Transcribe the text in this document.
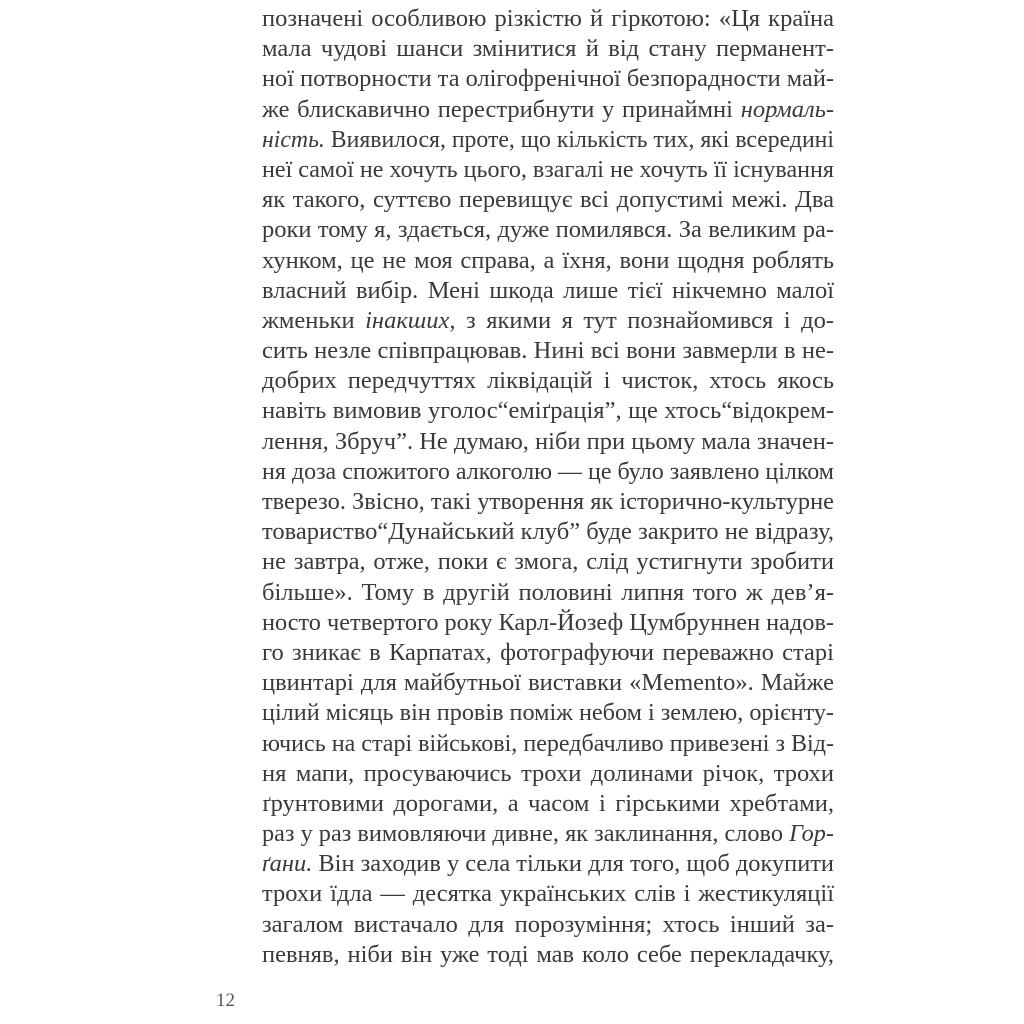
позначені особливою різкістю й гіркотою: «Ця країна
мала чудові шанси змінитися й від стану перманент-
ної потворности та олігофренічної безпорадности май-
же блискавично перестрибнути у принаймні нормаль-
ність. Виявилося, проте, що кількість тих, які всередині
неї самої не хочуть цього, взагалі не хочуть її існування
як такого, суттєво перевищує всі допустимі межі. Два
роки тому я, здається, дуже помилявся. За великим ра-
хунком, це не моя справа, а їхня, вони щодня роблять
власний вибір. Мені шкода лише тієї нікчемно малої
жменьки інакших, з якими я тут познайомився і до-
сить незле співпрацював. Нині всі вони завмерли в не-
добрих передчуттях ліквідацій і чисток, хтось якось
навіть вимовив уголос“еміґрація”, ще хтось“відокрем-
лення, Збруч”. Не думаю, ніби при цьому мала значен-
ня доза спожитого алкоголю — це було заявлено цілком
тверезо. Звісно, такі утворення як історично-культурне
товариство“Дунайський клуб” буде закрито не відразу,
не завтра, отже, поки є змога, слід устигнути зробити
більше». Тому в другій половині липня того ж дев’я-
носто четвертого року Карл-Йозеф Цумбруннен надов-
го зникає в Карпатах, фотографуючи переважно старі
цвинтарі для майбутньої виставки «Memento». Майже
цілий місяць він провів поміж небом і землею, орієнту-
ючись на старі військові, передбачливо привезені з Від-
ня мапи, просуваючись трохи долинами річок, трохи
ґрунтовими дорогами, а часом і гірськими хребтами,
раз у раз вимовляючи дивне, як заклинання, слово Гор-
ґани. Він заходив у села тільки для того, щоб докупити
трохи їдла — десятка українських слів і жестикуляції
загалом вистачало для порозуміння; хтось інший за-
певняв, ніби він уже тоді мав коло себе перекладачку,
12
